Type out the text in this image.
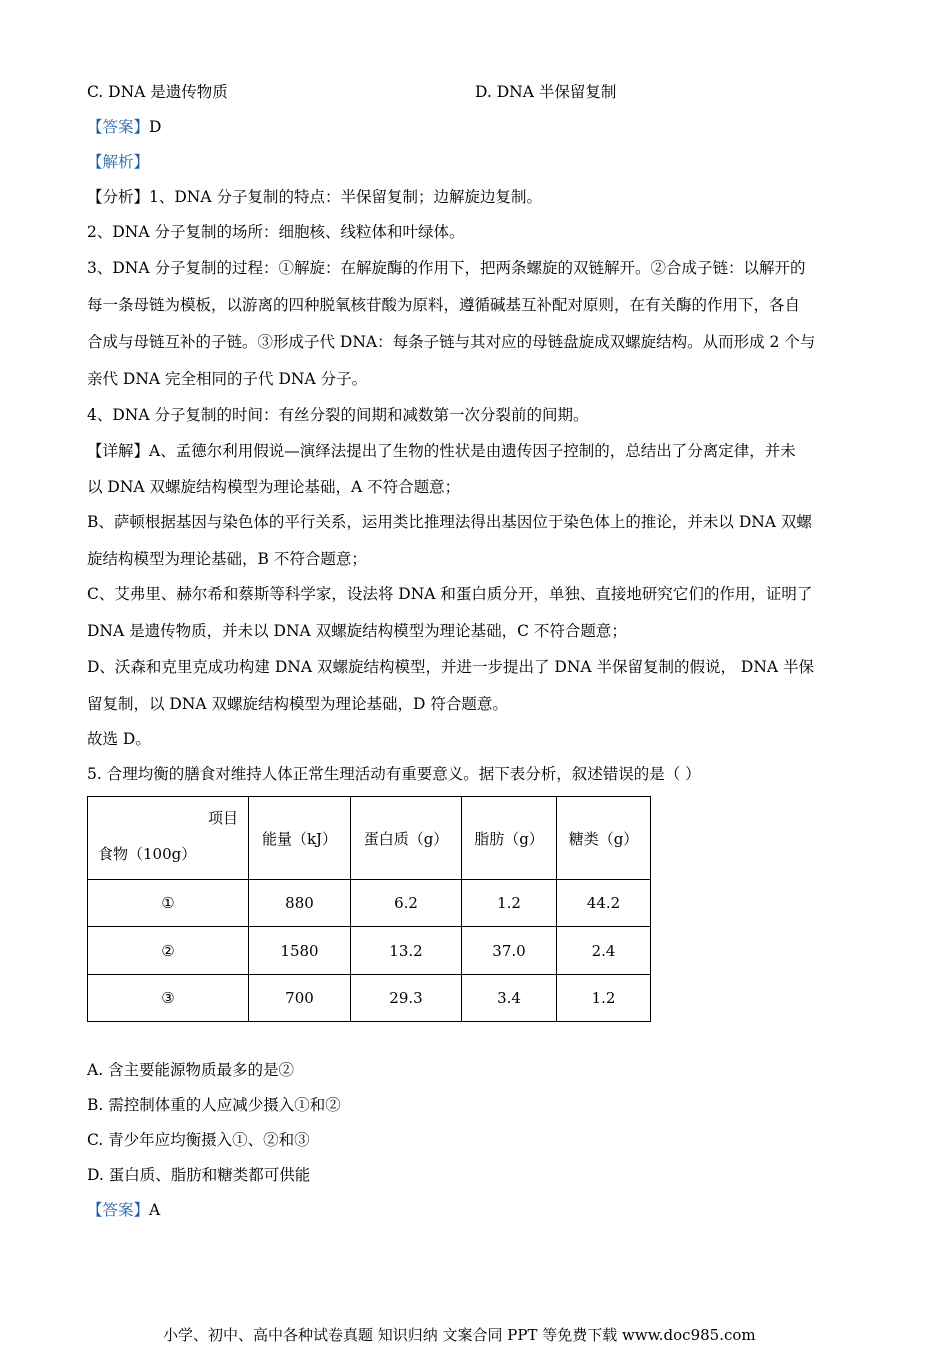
C. DNA 是遗传物质	D. DNA 半保留复制
【答案】D
【解析】
【分析】1、DNA 分子复制的特点：半保留复制；边解旋边复制。
2、DNA 分子复制的场所：细胞核、线粒体和叶绿体。
3、DNA 分子复制的过程：①解旋：在解旋酶的作用下，把两条螺旋的双链解开。②合成子链：以解开的
每一条母链为模板，以游离的四种脱氧核苷酸为原料，遵循碱基互补配对原则，在有关酶的作用下，各自
合成与母链互补的子链。③形成子代 DNA：每条子链与其对应的母链盘旋成双螺旋结构。从而形成 2 个与
亲代 DNA 完全相同的子代 DNA 分子。
4、DNA 分子复制的时间：有丝分裂的间期和减数第一次分裂前的间期。
【详解】A、孟德尔利用假说—演绎法提出了生物的性状是由遗传因子控制的，总结出了分离定律，并未
以 DNA 双螺旋结构模型为理论基础，A 不符合题意；
B、萨顿根据基因与染色体的平行关系，运用类比推理法得出基因位于染色体上的推论，并未以 DNA 双螺
旋结构模型为理论基础，B 不符合题意；
C、艾弗里、赫尔希和蔡斯等科学家，设法将 DNA 和蛋白质分开，单独、直接地研究它们的作用，证明了
DNA 是遗传物质，并未以 DNA 双螺旋结构模型为理论基础，C 不符合题意；
D、沃森和克里克成功构建 DNA 双螺旋结构模型，并进一步提出了 DNA 半保留复制的假说， DNA 半保
留复制，以 DNA 双螺旋结构模型为理论基础，D 符合题意。
故选 D。
5. 合理均衡的膳食对维持人体正常生理活动有重要意义。据下表分析，叙述错误的是（ ）
项目
食物（100g）	能量（kJ）	蛋白质（g）	脂肪（g）	糖类（g）
①	880	6.2	1.2	44.2
②	1580	13.2	37.0	2.4
③	700	29.3	3.4	1.2
A. 含主要能源物质最多的是②
B. 需控制体重的人应减少摄入①和②
C. 青少年应均衡摄入①、②和③
D. 蛋白质、脂肪和糖类都可供能
【答案】A
小学、初中、高中各种试卷真题 知识归纳 文案合同 PPT 等免费下载 www.doc985.com
